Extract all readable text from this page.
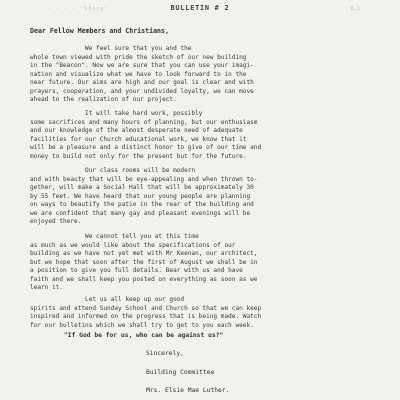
- - - - 'Story'	BULLETIN # 2	6.1
Dear Fellow Members and Christians,

We feel sure that you and the
whole town viewed with pride the sketch of our new building
in the "Beacon". Now we are sure that you can use your imagi-
nation and visualize what we have to look forward to in the
near future. Our aims are high and our goal is clear and with
prayers, cooperation, and your undivided loyalty, we can move
ahead to the realization of our project.

It will take hard work, possibly
some sacrifices and many hours of planning, but our enthusiasm
and our knowledge of the almost desperate need of adequate
facilities for our Church educational work, we know that it
will be a pleasure and a distinct honor to give of our time and
money to build not only for the present but for the future.

Our class rooms will be modern
and with beauty that will be eye-appealing and when thrown to-
gether, will make a Social Hall that will be approximately 30
by 55 feet. We have heard that our young people are planning
on ways to beautify the patio in the rear of the building and
we are confident that many gay and pleasant evenings will be
enjoyed there.

We cannot tell you at this time
as much as we would like about the specifications of our
building as we have not yet met with Mr Keenan, our architect,
but we hope that soon after the first of August we shall be in
a position to give you full details. Bear with us and have
faith and we shall keep you posted on everything as soon as we
learn it.

Let us all keep up our good
spirits and attend Sunday School and Church so that we can keep
inspired and informed on the progress that is being made. Watch
for our bulletins which we shall try to get to you each week.

"If God be for us, who can be against us?"
Sincerely,
Building Committee
Mrs. Elsie Mae Luther.
